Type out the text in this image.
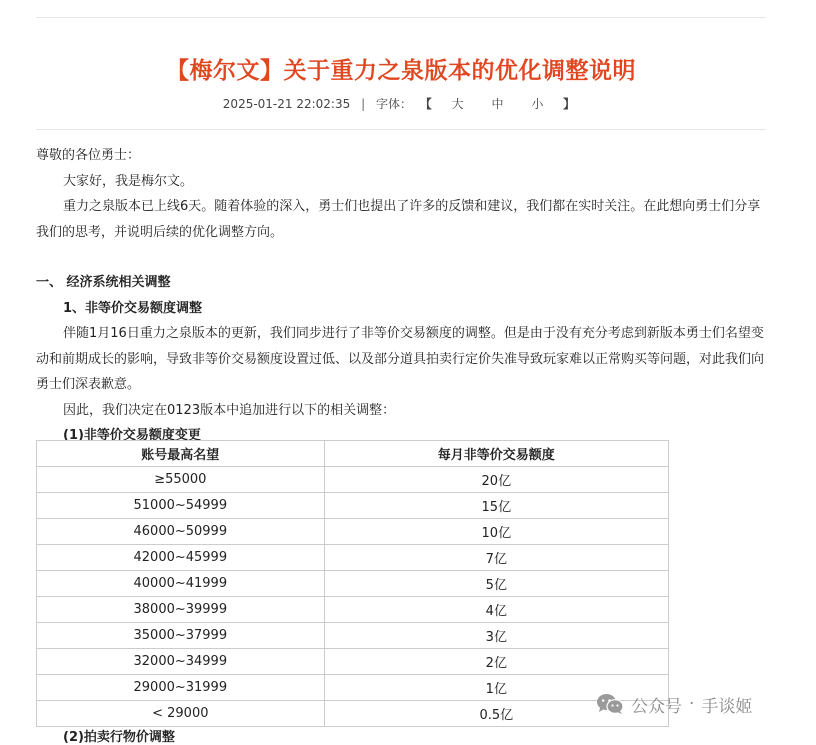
【梅尔文】关于重力之泉版本的优化调整说明
2025-01-21 22:02:35 | 字体： 【 大 中 小 】

尊敬的各位勇士：

大家好，我是梅尔文。

重力之泉版本已上线6天。随着体验的深入，勇士们也提出了许多的反馈和建议，我们都在实时关注。在此想向勇士们分享我们的思考，并说明后续的优化调整方向。

一、 经济系统相关调整

1、非等价交易额度调整

伴随1月16日重力之泉版本的更新，我们同步进行了非等价交易额度的调整。但是由于没有充分考虑到新版本勇士们名望变动和前期成长的影响，导致非等价交易额度设置过低、以及部分道具拍卖行定价失准导致玩家难以正常购买等问题，对此我们向勇士们深表歉意。

因此，我们决定在0123版本中追加进行以下的相关调整：

(1)非等价交易额度变更

账号最高名望	每月非等价交易额度
≥55000	20亿
51000~54999	15亿
46000~50999	10亿
42000~45999	7亿
40000~41999	5亿
38000~39999	4亿
35000~37999	3亿
32000~34999	2亿
29000~31999	1亿
< 29000	0.5亿
(2)拍卖行物价调整
公众号 · 手谈姬
